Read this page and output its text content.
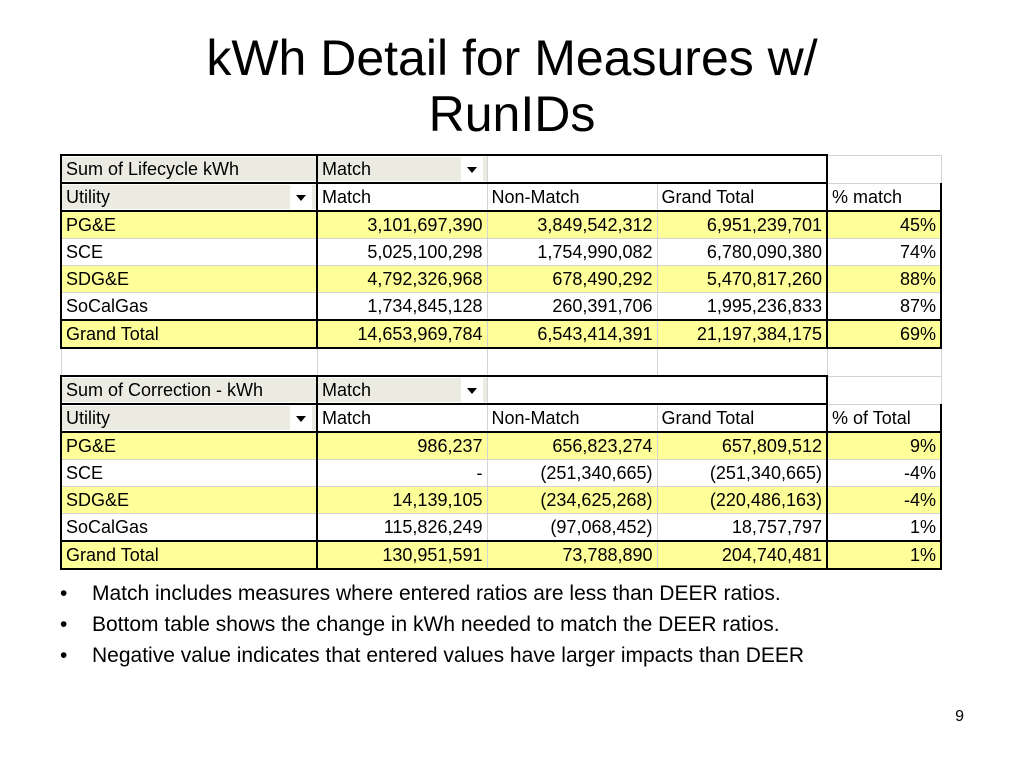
kWh Detail for Measures w/
RunIDs
Sum of Lifecycle kWh	Match			

Utility	Match	Non-Match	Grand Total	% match
PG&E	3,101,697,390	3,849,542,312	6,951,239,701	45%
SCE	5,025,100,298	1,754,990,082	6,780,090,380	74%
SDG&E	4,792,326,968	678,490,292	5,470,817,260	88%
SoCalGas	1,734,845,128	260,391,706	1,995,236,833	87%
Grand Total	14,653,969,784	6,543,414,391	21,197,384,175	69%

Sum of Correction - kWh	Match			

Utility	Match	Non-Match	Grand Total	% of Total
PG&E	986,237	656,823,274	657,809,512	9%
SCE	-	(251,340,665)	(251,340,665)	-4%
SDG&E	14,139,105	(234,625,268)	(220,486,163)	-4%
SoCalGas	115,826,249	(97,068,452)	18,757,797	1%
Grand Total	130,951,591	73,788,890	204,740,481	1%
• Match includes measures where entered ratios are less than DEER ratios.
• Bottom table shows the change in kWh needed to match the DEER ratios.
• Negative value indicates that entered values have larger impacts than DEER
9
